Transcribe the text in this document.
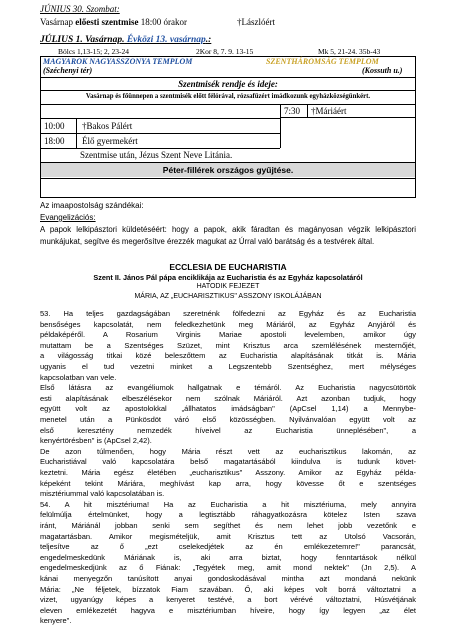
JÚNIUS 30. Szombat:
Vasárnap előesti szentmise 18:00 órakor	†Lászlóért
JÚLIUS 1. Vasárnap. Évközi 13. vasárnap.:
Bölcs 1,13-15; 2, 23-24	2Kor 8, 7. 9. 13-15	Mk 5, 21-24. 35b-43
MAGYAROK NAGYASSZONYA TEMPLOM	SZENTHÁROMSÁG TEMPLOM
(Széchenyi tér)	(Kossuth u.)
Szentmisék rendje és ideje:
Vasárnap és főünnepen a szentmisék előtt félórával, rózsafüzért imádkozunk egyházközségünkért.
7:30 †Máriáért
10:00 †Bakos Pálért
18:00 Élő gyermekért
Szentmise után, Jézus Szent Neve Litánia.
Péter-fillérek országos gyűjtése.
Az imaapostolság szándékai:
Evangelizációs:
A papok lelkipásztori küldetéséért: hogy a papok, akik fáradtan és magányosan végzik lelkipásztori munkájukat, segítve és megerősítve érezzék magukat az Úrral való barátság és a testvérek által.
ECCLESIA DE EUCHARISTIA
Szent II. János Pál pápa enciklikája az Eucharistia és az Egyház kapcsolatáról
HATODIK FEJEZET
MÁRIA, AZ „EUCHARISZTIKUS" ASSZONY ISKOLÁJÁBAN
53. Ha teljes gazdagságában szeretnénk fölfedezni az Egyház és az Eucharistia
bensőséges kapcsolatát, nem feledkezhetünk meg Máriáról, az Egyház Anyjáról és
példaképéről. A Rosarium Virginis Mariae apostoli levelemben, amikor úgy
mutattam be a Szentséges Szüzet, mint Krisztus arca szemlélésének mesternőjét,
a világosság titkai közé beleszőttem az Eucharistia alapításának titkát is. Mária
ugyanis el tud vezetni minket a Legszentebb Szentséghez, mert mélységes
kapcsolatban van vele.
Első látásra az evangéliumok hallgatnak e témáról. Az Eucharistia nagycsütörtök
esti alapításának elbeszélésekor nem szólnak Máriáról. Azt azonban tudjuk, hogy
együtt volt az apostolokkal „állhatatos imádságban" (ApCsel 1,14) a Mennybe-
menetel után a Pünkösdöt váró első közösségben. Nyilvánvalóan együtt volt az
első keresztény nemzedék híveivel az Eucharistia ünneplésében", a
kenyértörésben" is (ApCsel 2,42).
De azon túlmenően, hogy Mária részt vett az eucharisztikus lakomán, az
Eucharistiával való kapcsolatára belső magatartásából kiindulva is tudunk követ-
keztetni. Mária egész életében „eucharisztikus" Asszony. Amikor az Egyház példa-
képeként tekint Máriára, meghívást kap arra, hogy kövesse őt e szentséges
misztériummal való kapcsolatában is.
54. A hit misztériuma! Ha az Eucharistia a hit misztériuma, mely annyira
felülmúlja értelmünket, hogy a legtisztább ráhagyatkozásra kötelez Isten szava
iránt, Máriánál jobban senki sem segíthet és nem lehet jobb vezetőnk e
magatartásban. Amikor megismételjük, amit Krisztus tett az Utolsó Vacsorán,
teljesítve az ő „ezt cselekedjétek az én emlékezetemre!" parancsát,
engedelmeskedünk Máriának is, aki arra biztat, hogy fenntartások nélkül
engedelmeskedjünk az ő Fiának: „Tegyétek meg, amit mond nektek" (Jn 2,5). A
kánai menyegzőn tanúsított anyai gondoskodásával mintha azt mondaná nekünk
Mária: „Ne féljetek, bízzatok Fiam szavában. Ő, aki képes volt borrá változtatni a
vizet, ugyanúgy képes a kenyeret testévé, a bort vérévé változtatni, Húsvétjának
eleven emlékezetét hagyva e misztériumban híveire, hogy így legyen „az élet
kenyere".
